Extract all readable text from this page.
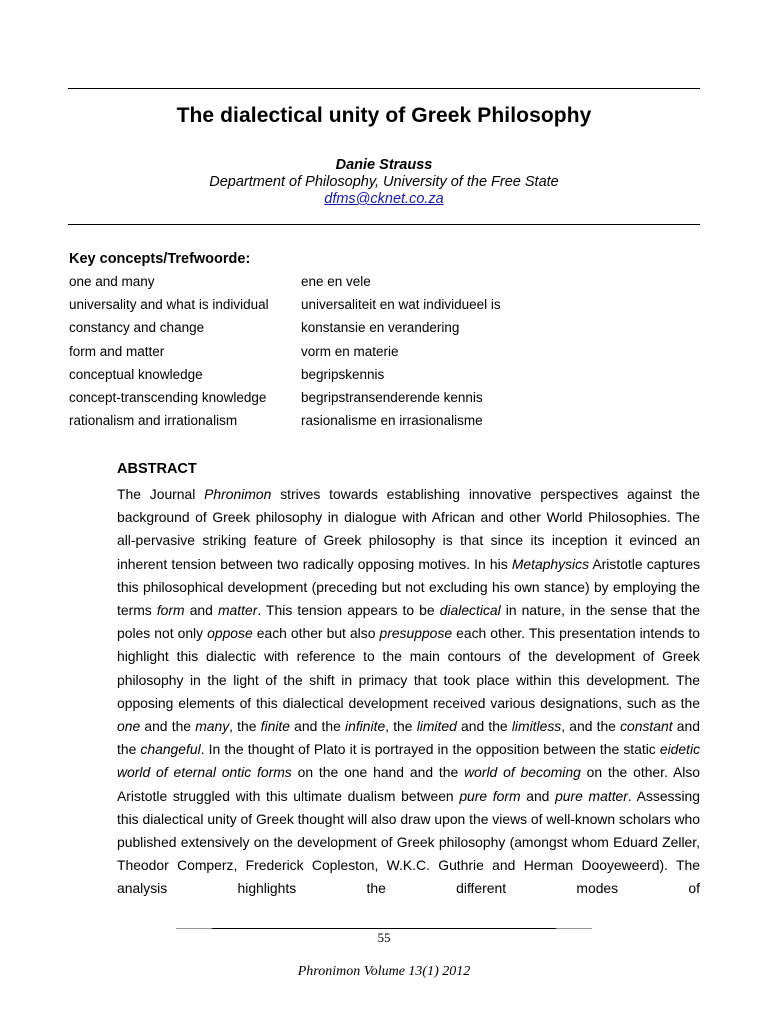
The dialectical unity of Greek Philosophy
Danie Strauss
Department of Philosophy, University of the Free State
dfms@cknet.co.za
Key concepts/Trefwoorde:
one and many	ene en vele
universality and what is individual	universaliteit en wat individueel is
constancy and change	konstansie en verandering
form and matter	vorm en materie
conceptual knowledge	begripskennis
concept-transcending knowledge	begripstransenderende kennis
rationalism and irrationalism	rasionalisme en irrasionalisme
ABSTRACT

The Journal Phronimon strives towards establishing innovative perspectives against the background of Greek philosophy in dialogue with African and other World Philosophies. The all-pervasive striking feature of Greek philosophy is that since its inception it evinced an inherent tension between two radically opposing motives. In his Metaphysics Aristotle captures this philosophical development (preceding but not excluding his own stance) by employing the terms form and matter. This tension appears to be dialectical in nature, in the sense that the poles not only oppose each other but also presuppose each other. This presentation intends to highlight this dialectic with reference to the main contours of the development of Greek philosophy in the light of the shift in primacy that took place within this development. The opposing elements of this dialectical development received various designations, such as the one and the many, the finite and the infinite, the limited and the limitless, and the constant and the changeful. In the thought of Plato it is portrayed in the opposition between the static eidetic world of eternal ontic forms on the one hand and the world of becoming on the other. Also Aristotle struggled with this ultimate dualism between pure form and pure matter. Assessing this dialectical unity of Greek thought will also draw upon the views of well-known scholars who published extensively on the development of Greek philosophy (amongst whom Eduard Zeller, Theodor Comperz, Frederick Copleston, W.K.C. Guthrie and Herman Dooyeweerd). The analysis highlights the different modes of

55
Phronimon Volume 13(1) 2012
